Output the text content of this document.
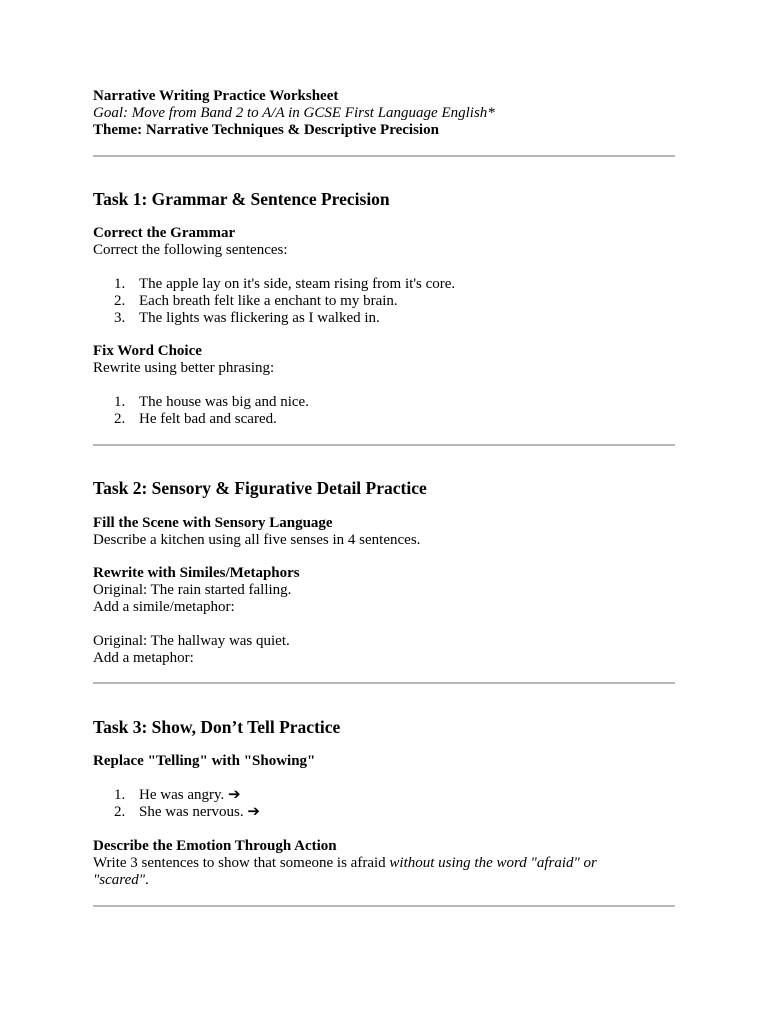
Narrative Writing Practice Worksheet
Goal: Move from Band 2 to A/A in GCSE First Language English*
Theme: Narrative Techniques & Descriptive Precision
Task 1: Grammar & Sentence Precision
Correct the Grammar
Correct the following sentences:
1. The apple lay on it's side, steam rising from it's core.
2. Each breath felt like a enchant to my brain.
3. The lights was flickering as I walked in.
Fix Word Choice
Rewrite using better phrasing:
1. The house was big and nice.
2. He felt bad and scared.
Task 2: Sensory & Figurative Detail Practice
Fill the Scene with Sensory Language
Describe a kitchen using all five senses in 4 sentences.
Rewrite with Similes/Metaphors
Original: The rain started falling.
Add a simile/metaphor:
Original: The hallway was quiet.
Add a metaphor:
Task 3: Show, Don’t Tell Practice
Replace "Telling" with "Showing"
1. He was angry. ➔
2. She was nervous. ➔
Describe the Emotion Through Action
Write 3 sentences to show that someone is afraid without using the word "afraid" or "scared".
